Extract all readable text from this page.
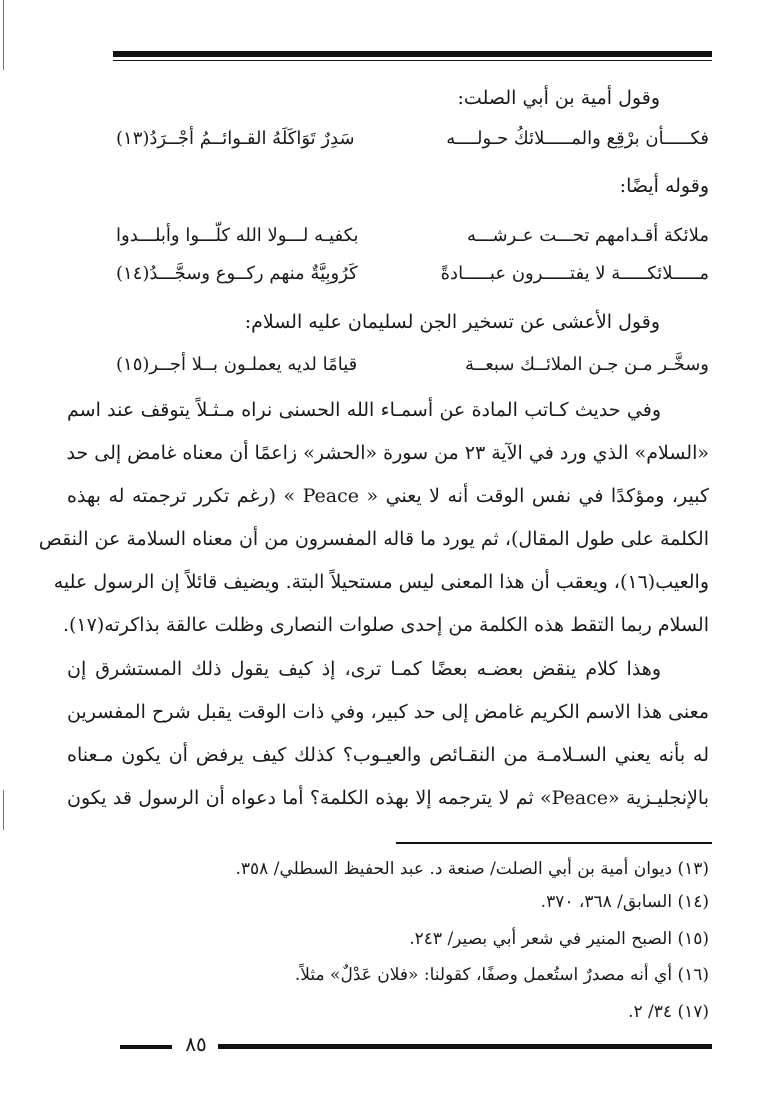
وقول أمية بن أبي الصلت:
فكـــــأن برْقِع والمـــــلائكُ حـولــــه
سَدِرٌ تَوَاكَلَهُ القـوائــمُ أجْــرَدُ(١٣)
وقوله أيضًا:
ملائكة أقـدامهم تحـــت عـرشـــه
بكفيـه لـــولا الله كلّـــوا وأبلـــدوا
مـــــلائكـــــة لا يفتـــــرون عبـــــادةً
كَرُوبِيَّةٌ منهم ركــوع وسجَّـــدُ(١٤)
وقول الأعشى عن تسخير الجن لسليمان عليه السلام:
وسخَّـر مـن جـن الملائــك سبعــة
قيامًا لديه يعملـون بــلا أجــر(١٥)
وفي حديث كـاتب المادة عن أسمـاء الله الحسنى نراه مـثـلاً يتوقف عند اسم
«السلام» الذي ورد في الآية ٢٣ من سورة «الحشر» زاعمًا أن معناه غامض إلى حد
كبير، ومؤكدًا في نفس الوقت أنه لا يعني « Peace » (رغم تكرر ترجمته له بهذه
الكلمة على طول المقال)، ثم يورد ما قاله المفسرون من أن معناه السلامة عن النقص
والعيب(١٦)، ويعقب أن هذا المعنى ليس مستحيلاً البتة. ويضيف قائلاً إن الرسول عليه
السلام ربما التقط هذه الكلمة من إحدى صلوات النصارى وظلت عالقة بذاكرته(١٧).
وهذا كلام ينقض بعضـه بعضًا كمـا ترى، إذ كيف يقول ذلك المستشرق إن
معنى هذا الاسم الكريم غامض إلى حد كبير، وفي ذات الوقت يقبل شرح المفسرين
له بأنه يعني السـلامـة من النقـائص والعيـوب؟ كذلك كيف يرفض أن يكون مـعناه
بالإنجليـزية «Peace» ثم لا يترجمه إلا بهذه الكلمة؟ أما دعواه أن الرسول قد يكون
(١٣) ديوان أمية بن أبي الصلت/ صنعة د. عبد الحفيظ السطلي/ ٣٥٨.
(١٤) السابق/ ٣٦٨، ٣٧٠.
(١٥) الصبح المنير في شعر أبي بصير/ ٢٤٣.
(١٦) أي أنه مصدرٌ استُعمل وصفًا، كقولنا: «فلان عَدْلٌ» مثلاً.
(١٧) ٣٤/ ٢.
٨٥
